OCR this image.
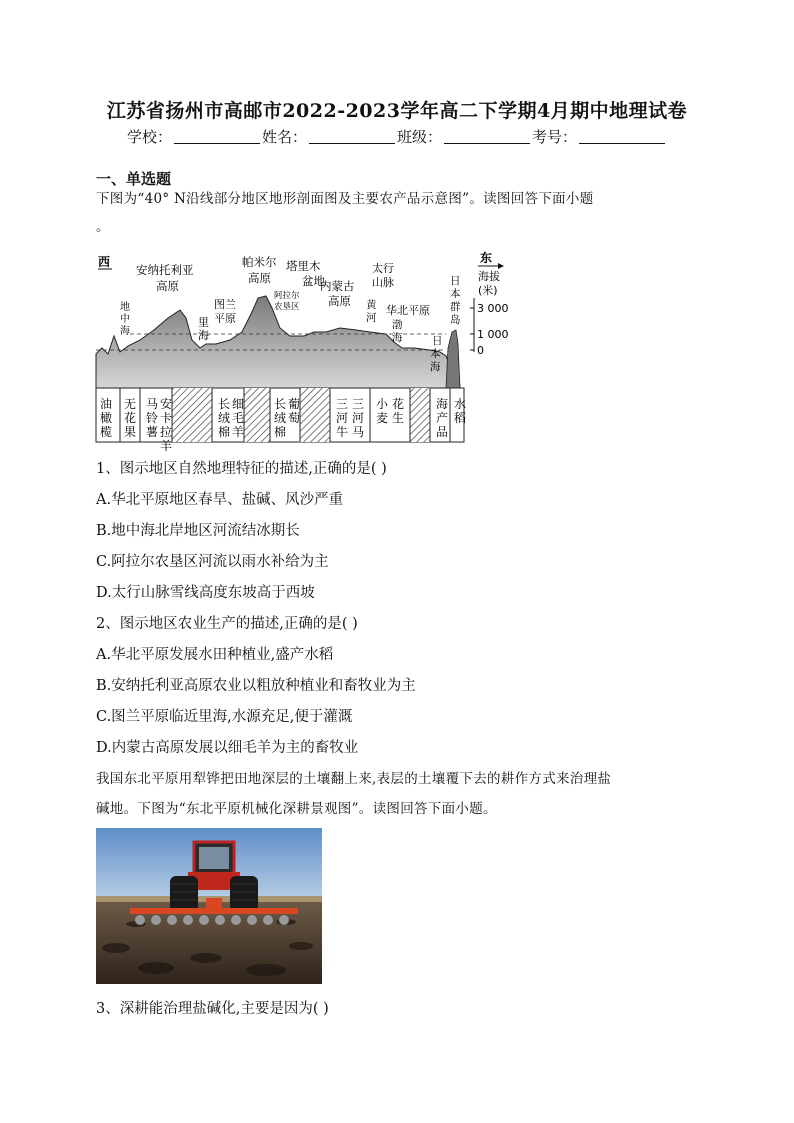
江苏省扬州市高邮市2022-2023学年高二下学期4月期中地理试卷
学校：	姓名：	班级：	考号：
一、单选题
下图为“40° N沿线部分地区地形剖面图及主要农产品示意图”。读图回答下面小题
。
西	东
海拔
(米)
3 000
1 000
0
地中海
安纳托利亚
高原
里海
图兰平原
帕米尔
高原
阿拉尔农垦区
塔里木盆地
内蒙古高原
太行山脉
黄河
华北平原
渤海	日本海
日本群岛
油橄榄
无花果
马铃薯
安卡拉羊
长绒棉
细毛羊
长绒棉
葡萄
三河牛
三河马
小麦
花生
海产品
水稻
1、图示地区自然地理特征的描述,正确的是( )
A.华北平原地区春旱、盐碱、风沙严重
B.地中海北岸地区河流结冰期长
C.阿拉尔农垦区河流以雨水补给为主
D.太行山脉雪线高度东坡高于西坡
2、图示地区农业生产的描述,正确的是( )
A.华北平原发展水田种植业,盛产水稻
B.安纳托利亚高原农业以粗放种植业和畜牧业为主
C.图兰平原临近里海,水源充足,便于灌溉
D.内蒙古高原发展以细毛羊为主的畜牧业
我国东北平原用犁铧把田地深层的土壤翻上来,表层的土壤覆下去的耕作方式来治理盐
碱地。下图为“东北平原机械化深耕景观图”。读图回答下面小题。
3、深耕能治理盐碱化,主要是因为( )
